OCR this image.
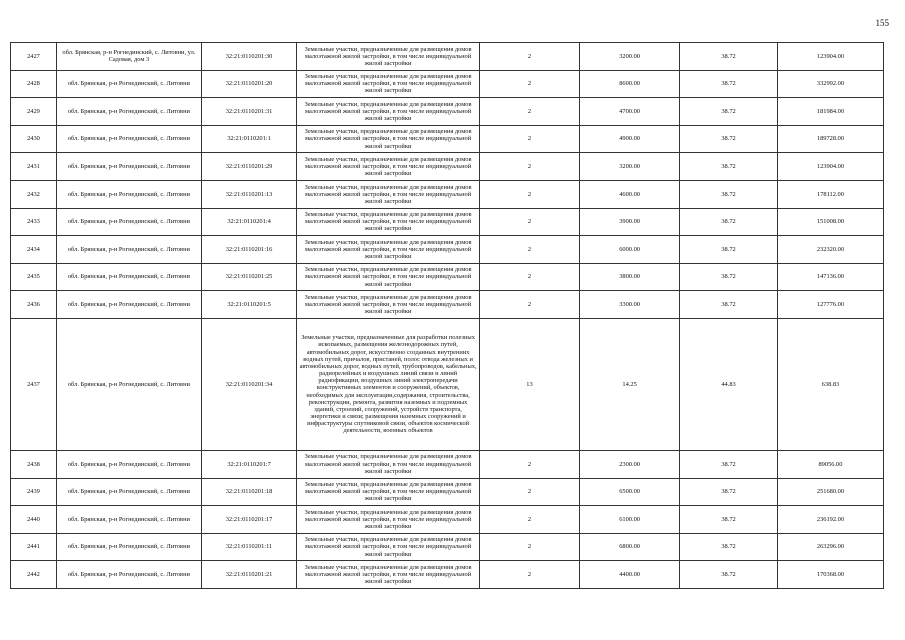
155
2427	обл. Брянская, р-н Рогнединский, с. Литовни, ул. Садовая, дом 3	32:21:0110201:30	Земельные участки, предназначенные для размещения домов малоэтажной жилой застройки, в том числе индивидуальной жилой застройки	2	3200.00	38.72	123904.00
2428	обл. Брянская, р-н Рогнединский, с. Литовни	32:21:0110201:20	Земельные участки, предназначенные для размещения домов малоэтажной жилой застройки, в том числе индивидуальной жилой застройки	2	8600.00	38.72	332992.00
2429	обл. Брянская, р-н Рогнединский, с. Литовни	32:21:0110201:31	Земельные участки, предназначенные для размещения домов малоэтажной жилой застройки, в том числе индивидуальной жилой застройки	2	4700.00	38.72	181984.00
2430	обл. Брянская, р-н Рогнединский, с. Литовни	32:21:0110201:1	Земельные участки, предназначенные для размещения домов малоэтажной жилой застройки, в том числе индивидуальной жилой застройки	2	4900.00	38.72	189728.00
2431	обл. Брянская, р-н Рогнединский, с. Литовни	32:21:0110201:29	Земельные участки, предназначенные для размещения домов малоэтажной жилой застройки, в том числе индивидуальной жилой застройки	2	3200.00	38.72	123904.00
2432	обл. Брянская, р-н Рогнединский, с. Литовни	32:21:0110201:13	Земельные участки, предназначенные для размещения домов малоэтажной жилой застройки, в том числе индивидуальной жилой застройки	2	4600.00	38.72	178112.00
2433	обл. Брянская, р-н Рогнединский, с. Литовни	32:21:0110201:4	Земельные участки, предназначенные для размещения домов малоэтажной жилой застройки, в том числе индивидуальной жилой застройки	2	3900.00	38.72	151008.00
2434	обл. Брянская, р-н Рогнединский, с. Литовни	32:21:0110201:16	Земельные участки, предназначенные для размещения домов малоэтажной жилой застройки, в том числе индивидуальной жилой застройки	2	6000.00	38.72	232320.00
2435	обл. Брянская, р-н Рогнединский, с. Литовни	32:21:0110201:25	Земельные участки, предназначенные для размещения домов малоэтажной жилой застройки, в том числе индивидуальной жилой застройки	2	3800.00	38.72	147136.00
2436	обл. Брянская, р-н Рогнединский, с. Литовни	32:21:0110201:5	Земельные участки, предназначенные для размещения домов малоэтажной жилой застройки, в том числе индивидуальной жилой застройки	2	3300.00	38.72	127776.00
2437	обл. Брянская, р-н Рогнединский, с. Литовни	32:21:0110201:34	Земельные участки, предназначенные для разработки полезных ископаемых, размещения железнодорожных путей, автомобильных дорог, искусственно созданных внутренних водных путей, причалов, пристаней, полос отвода железных и автомобильных дорог, водных путей, трубопроводов, кабельных, радиорелейных и воздушных линий связи и линий радиофикации, воздушных линий электропередачи конструктивных элементов и сооружений, объектов, необходимых для эксплуатации,содержания, строительства, реконструкции, ремонта, развития наземных и подземных зданий, строений, сооружений, устройств транспорта, энергетики и связи; размещения наземных сооружений и инфраструктуры спутниковой связи, объектов космической деятельности, военных объектов	13	14.25	44.83	638.83
2438	обл. Брянская, р-н Рогнединский, с. Литовни	32:21:0110201:7	Земельные участки, предназначенные для размещения домов малоэтажной жилой застройки, в том числе индивидуальной жилой застройки	2	2300.00	38.72	89056.00
2439	обл. Брянская, р-н Рогнединский, с. Литовни	32:21:0110201:18	Земельные участки, предназначенные для размещения домов малоэтажной жилой застройки, в том числе индивидуальной жилой застройки	2	6500.00	38.72	251680.00
2440	обл. Брянская, р-н Рогнединский, с. Литовни	32:21:0110201:17	Земельные участки, предназначенные для размещения домов малоэтажной жилой застройки, в том числе индивидуальной жилой застройки	2	6100.00	38.72	236192.00
2441	обл. Брянская, р-н Рогнединский, с. Литовни	32:21:0110201:11	Земельные участки, предназначенные для размещения домов малоэтажной жилой застройки, в том числе индивидуальной жилой застройки	2	6800.00	38.72	263296.00
2442	обл. Брянская, р-н Рогнединский, с. Литовни	32:21:0110201:21	Земельные участки, предназначенные для размещения домов малоэтажной жилой застройки, в том числе индивидуальной жилой застройки	2	4400.00	38.72	170368.00
